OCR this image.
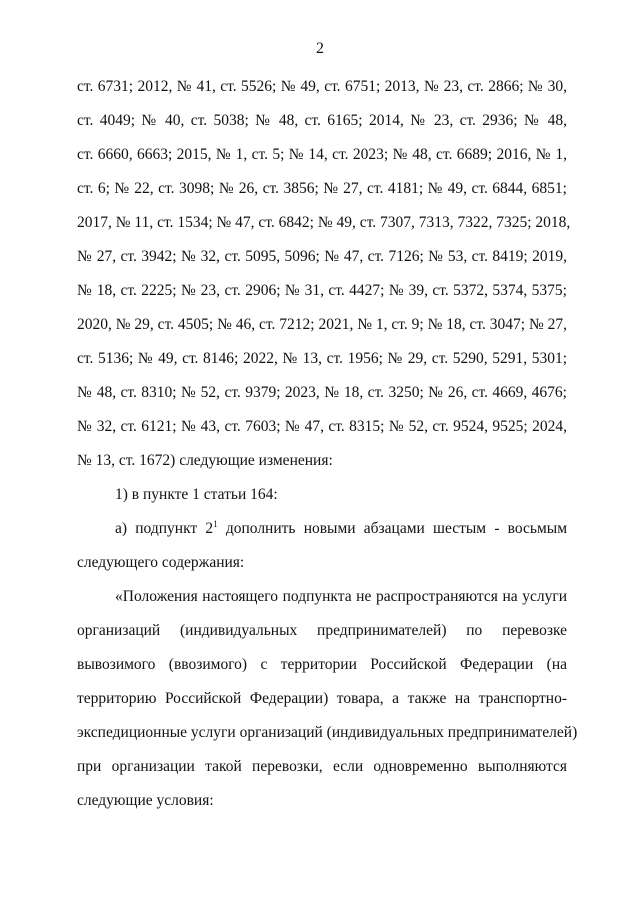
2
ст. 6731; 2012, № 41, ст. 5526; № 49, ст. 6751; 2013, № 23, ст. 2866; № 30,
ст. 4049; № 40, ст. 5038; № 48, ст. 6165; 2014, № 23, ст. 2936; № 48,
ст. 6660, 6663; 2015, № 1, ст. 5; № 14, ст. 2023; № 48, ст. 6689; 2016, № 1,
ст. 6; № 22, ст. 3098; № 26, ст. 3856; № 27, ст. 4181; № 49, ст. 6844, 6851;
2017, № 11, ст. 1534; № 47, ст. 6842; № 49, ст. 7307, 7313, 7322, 7325; 2018,
№ 27, ст. 3942; № 32, ст. 5095, 5096; № 47, ст. 7126; № 53, ст. 8419; 2019,
№ 18, ст. 2225; № 23, ст. 2906; № 31, ст. 4427; № 39, ст. 5372, 5374, 5375;
2020, № 29, ст. 4505; № 46, ст. 7212; 2021, № 1, ст. 9; № 18, ст. 3047; № 27,
ст. 5136; № 49, ст. 8146; 2022, № 13, ст. 1956; № 29, ст. 5290, 5291, 5301;
№ 48, ст. 8310; № 52, ст. 9379; 2023, № 18, ст. 3250; № 26, ст. 4669, 4676;
№ 32, ст. 6121; № 43, ст. 7603; № 47, ст. 8315; № 52, ст. 9524, 9525; 2024,
№ 13, ст. 1672) следующие изменения:
1) в пункте 1 статьи 164:
а) подпункт $2^1$ дополнить новыми абзацами шестым - восьмым
следующего содержания:
«Положения настоящего подпункта не распространяются на услуги
организаций (индивидуальных предпринимателей) по перевозке
вывозимого (ввозимого) с территории Российской Федерации (на
территорию Российской Федерации) товара, а также на транспортно-
экспедиционные услуги организаций (индивидуальных предпринимателей)
при организации такой перевозки, если одновременно выполняются
следующие условия:
